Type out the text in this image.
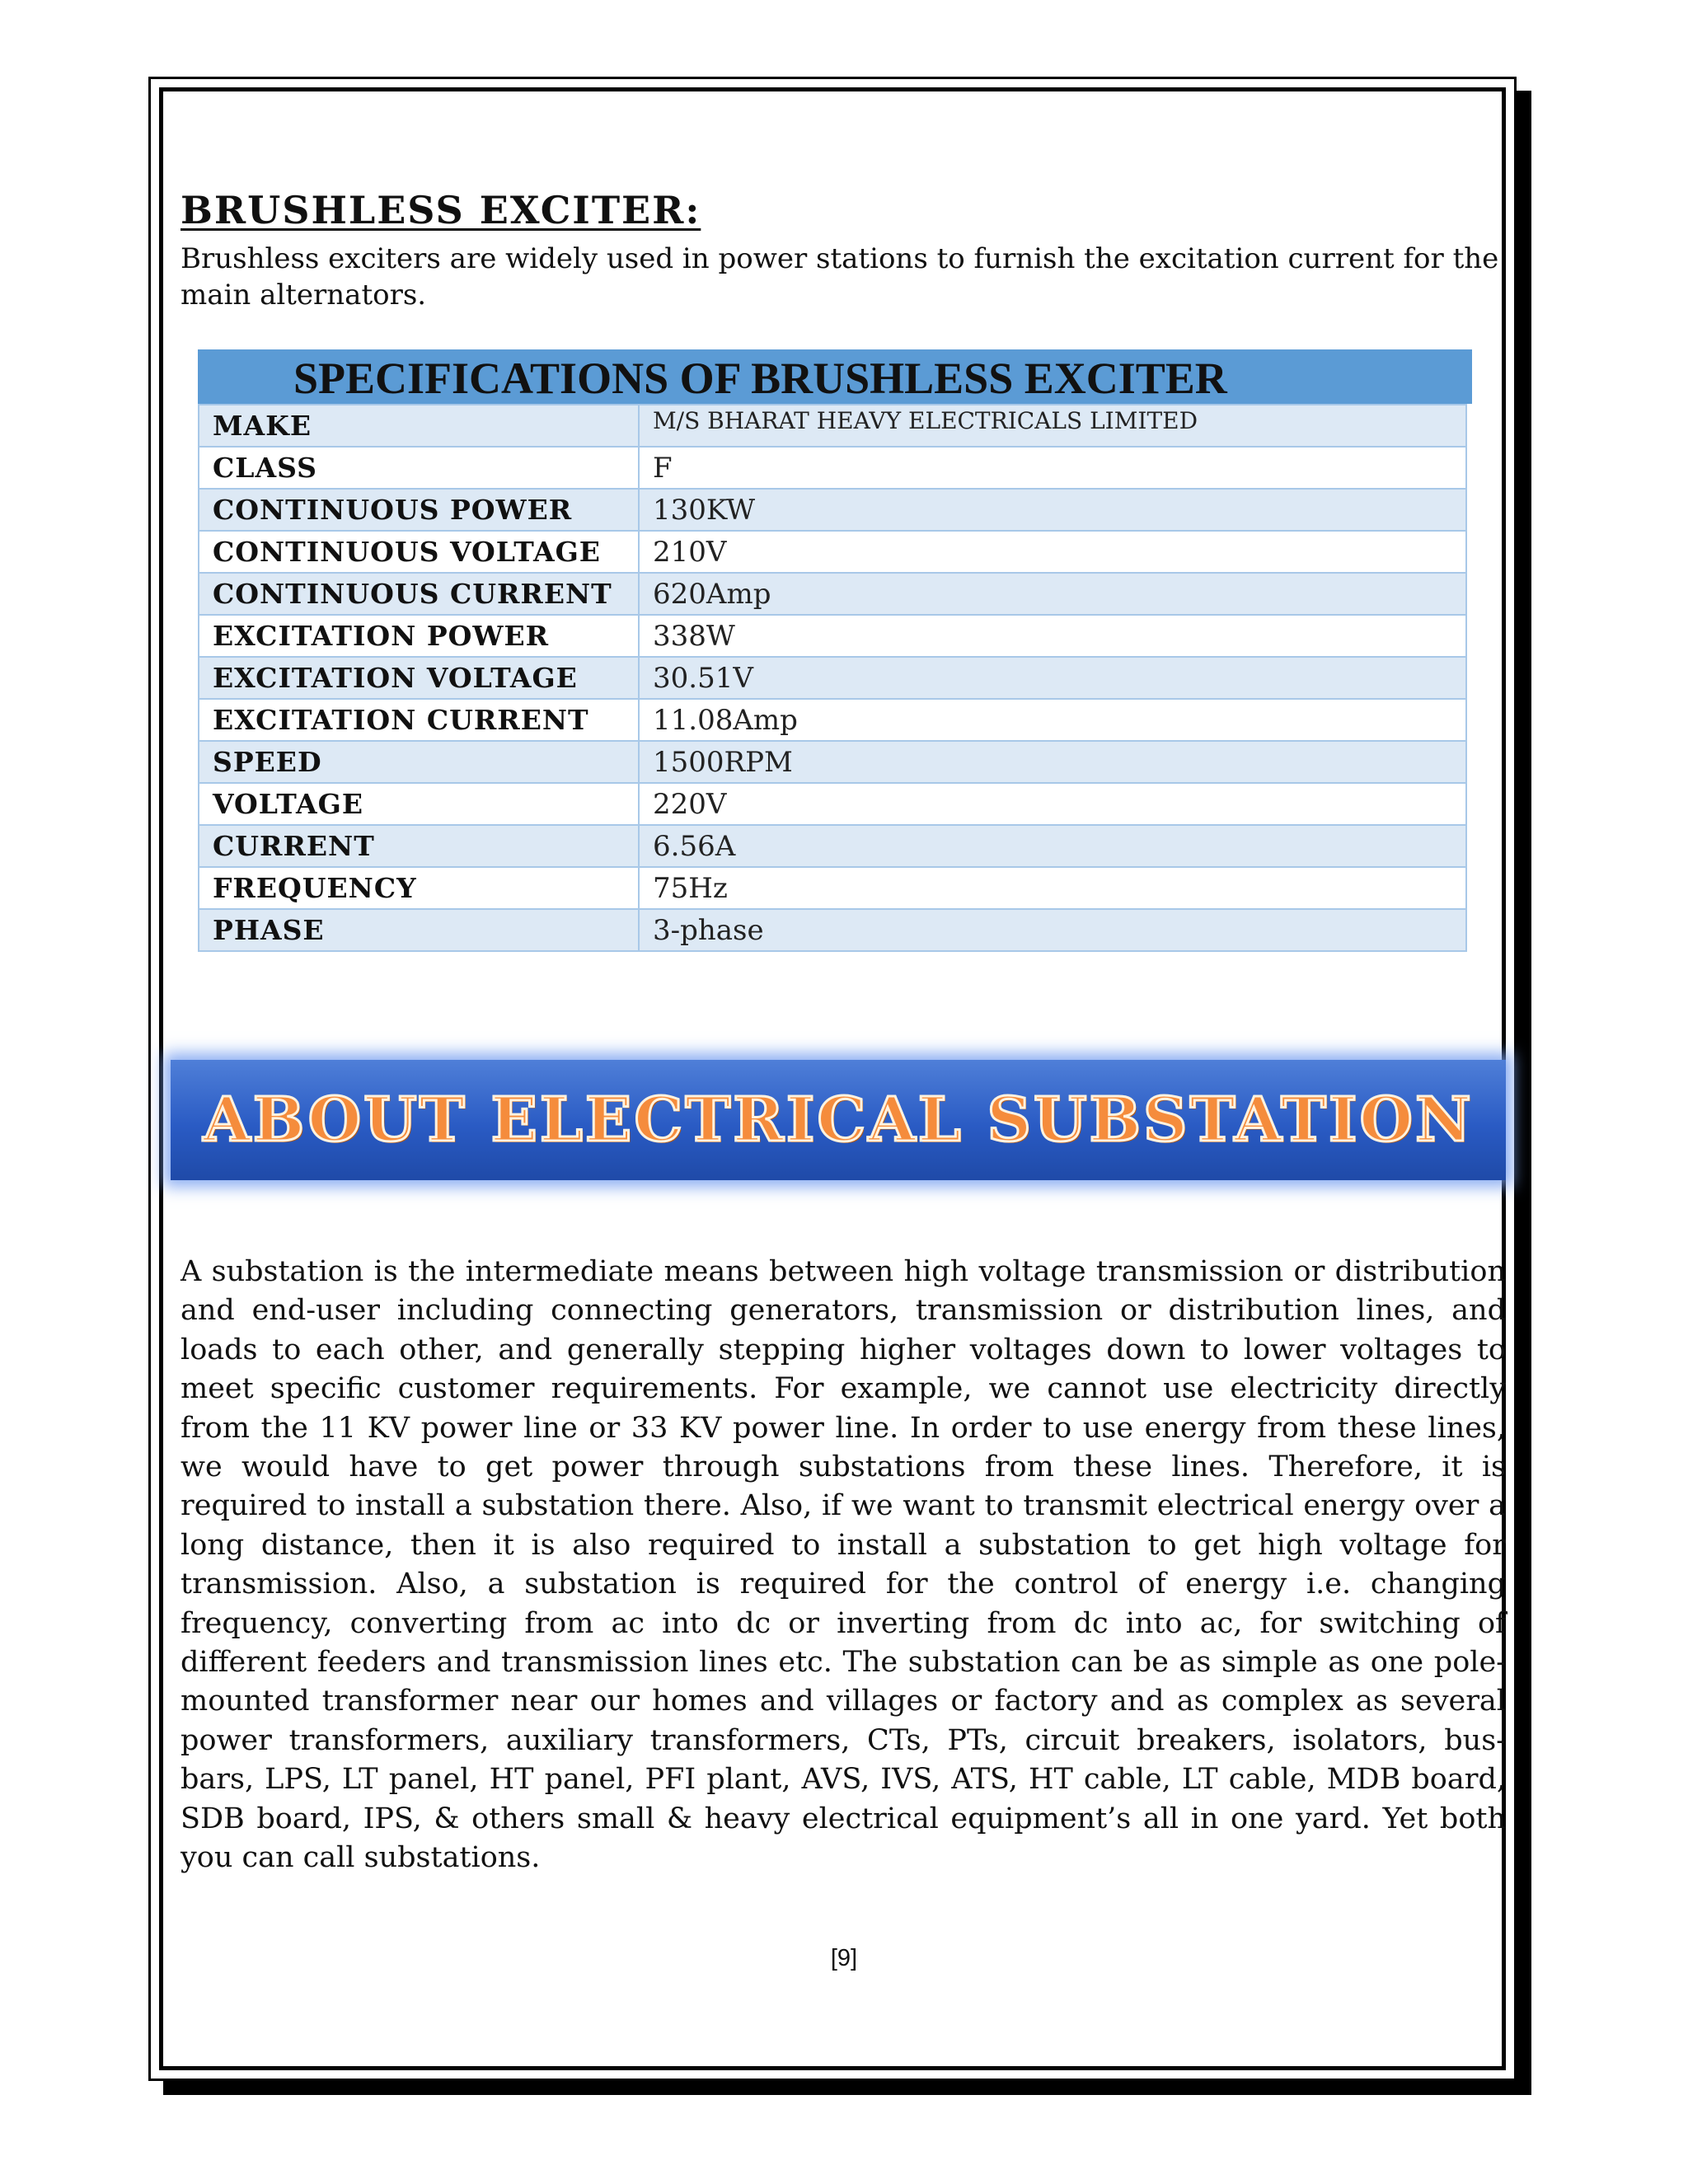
BRUSHLESS EXCITER:

Brushless exciters are widely used in power stations to furnish the excitation current for the main alternators.

SPECIFICATIONS OF BRUSHLESS EXCITER
MAKE	M/S BHARAT HEAVY ELECTRICALS LIMITED
CLASS	F
CONTINUOUS POWER	130KW
CONTINUOUS VOLTAGE	210V
CONTINUOUS CURRENT	620Amp
EXCITATION POWER	338W
EXCITATION VOLTAGE	30.51V
EXCITATION CURRENT	11.08Amp
SPEED	1500RPM
VOLTAGE	220V
CURRENT	6.56A
FREQUENCY	75Hz
PHASE	3-phase
ABOUT ELECTRICAL SUBSTATION

A substation is the intermediate means between high voltage transmission or distribution and end-user including connecting generators, transmission or distribution lines, and loads to each other, and generally stepping higher voltages down to lower voltages to meet specific customer requirements. For example, we cannot use electricity directly from the 11 KV power line or 33 KV power line. In order to use energy from these lines, we would have to get power through substations from these lines. Therefore, it is required to install a substation there. Also, if we want to transmit electrical energy over a long distance, then it is also required to install a substation to get high voltage for transmission. Also, a substation is required for the control of energy i.e. changing frequency, converting from ac into dc or inverting from dc into ac, for switching of different feeders and transmission lines etc. The substation can be as simple as one pole-mounted transformer near our homes and villages or factory and as complex as several power transformers, auxiliary transformers, CTs, PTs, circuit breakers, isolators, bus-bars, LPS, LT panel, HT panel, PFI plant, AVS, IVS, ATS, HT cable, LT cable, MDB board, SDB board, IPS, & others small & heavy electrical equipment’s all in one yard. Yet both you can call substations.

[9]
